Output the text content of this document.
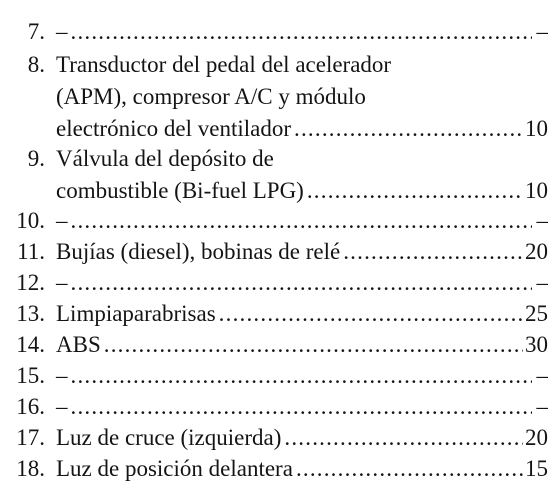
7. – .....	–
8. Transductor del pedal del acelerador
(APM), compresor A/C y módulo
electrónico del ventilador .....	10
9. Válvula del depósito de
combustible (Bi-fuel LPG) .....	10
10. – .....	–
11. Bujías (diesel), bobinas de relé .....	20
12. – .....	–
13. Limpiaparabrisas .....	25
14. ABS .....	30
15. – .....	–
16. – .....	–
17. Luz de cruce (izquierda) .....	20
18. Luz de posición delantera .....	15
